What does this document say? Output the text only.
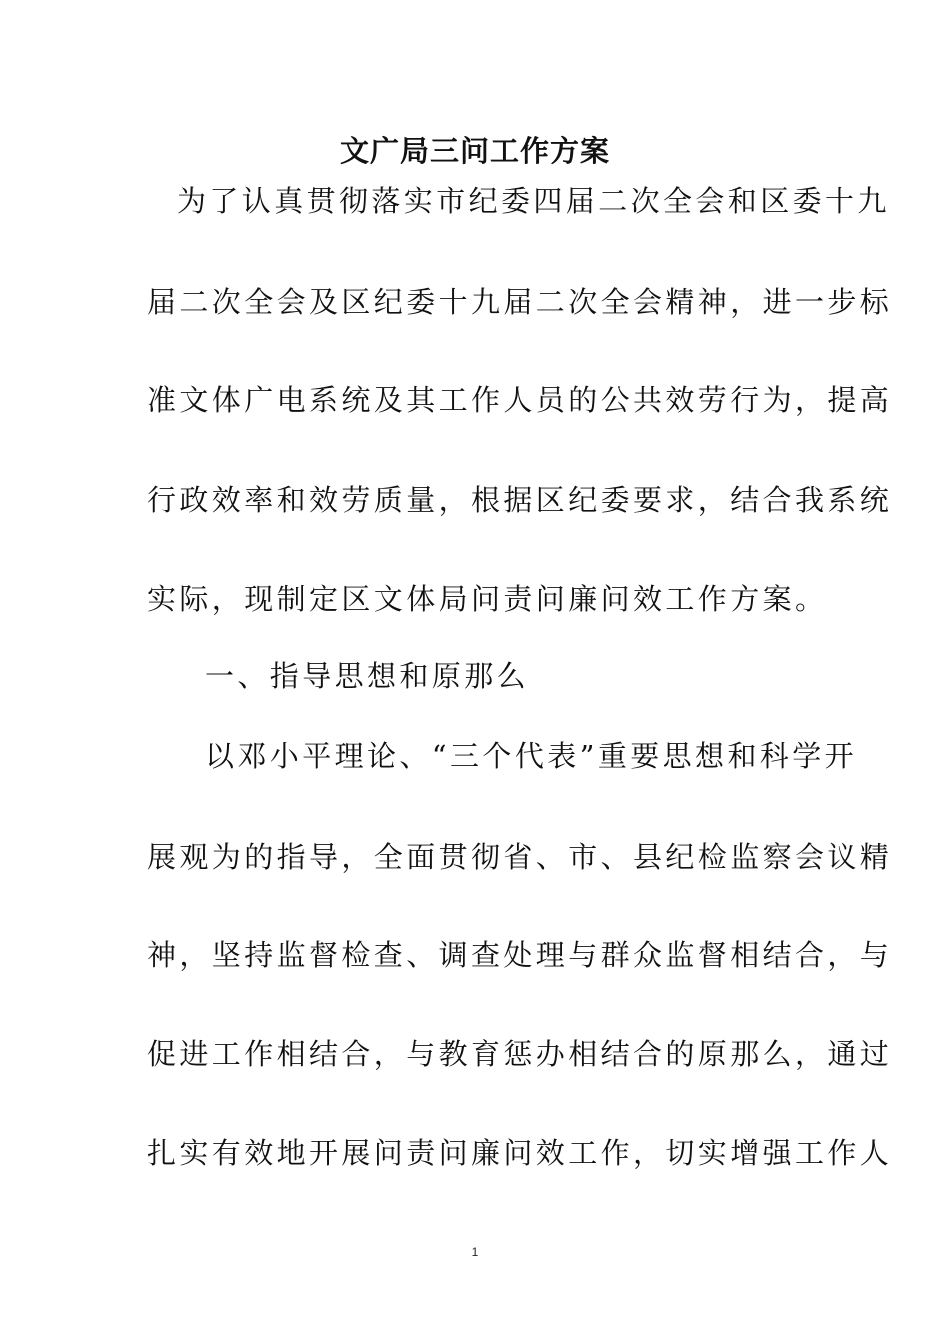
文广局三问工作方案
为了认真贯彻落实市纪委四届二次全会和区委十九
届二次全会及区纪委十九届二次全会精神，进一步标
准文体广电系统及其工作人员的公共效劳行为，提高
行政效率和效劳质量，根据区纪委要求，结合我系统
实际，现制定区文体局问责问廉问效工作方案。
一、指导思想和原那么
以邓小平理论、“三个代表”重要思想和科学开
展观为的指导，全面贯彻省、市、县纪检监察会议精
神，坚持监督检查、调查处理与群众监督相结合，与
促进工作相结合，与教育惩办相结合的原那么，通过
扎实有效地开展问责问廉问效工作，切实增强工作人
1
